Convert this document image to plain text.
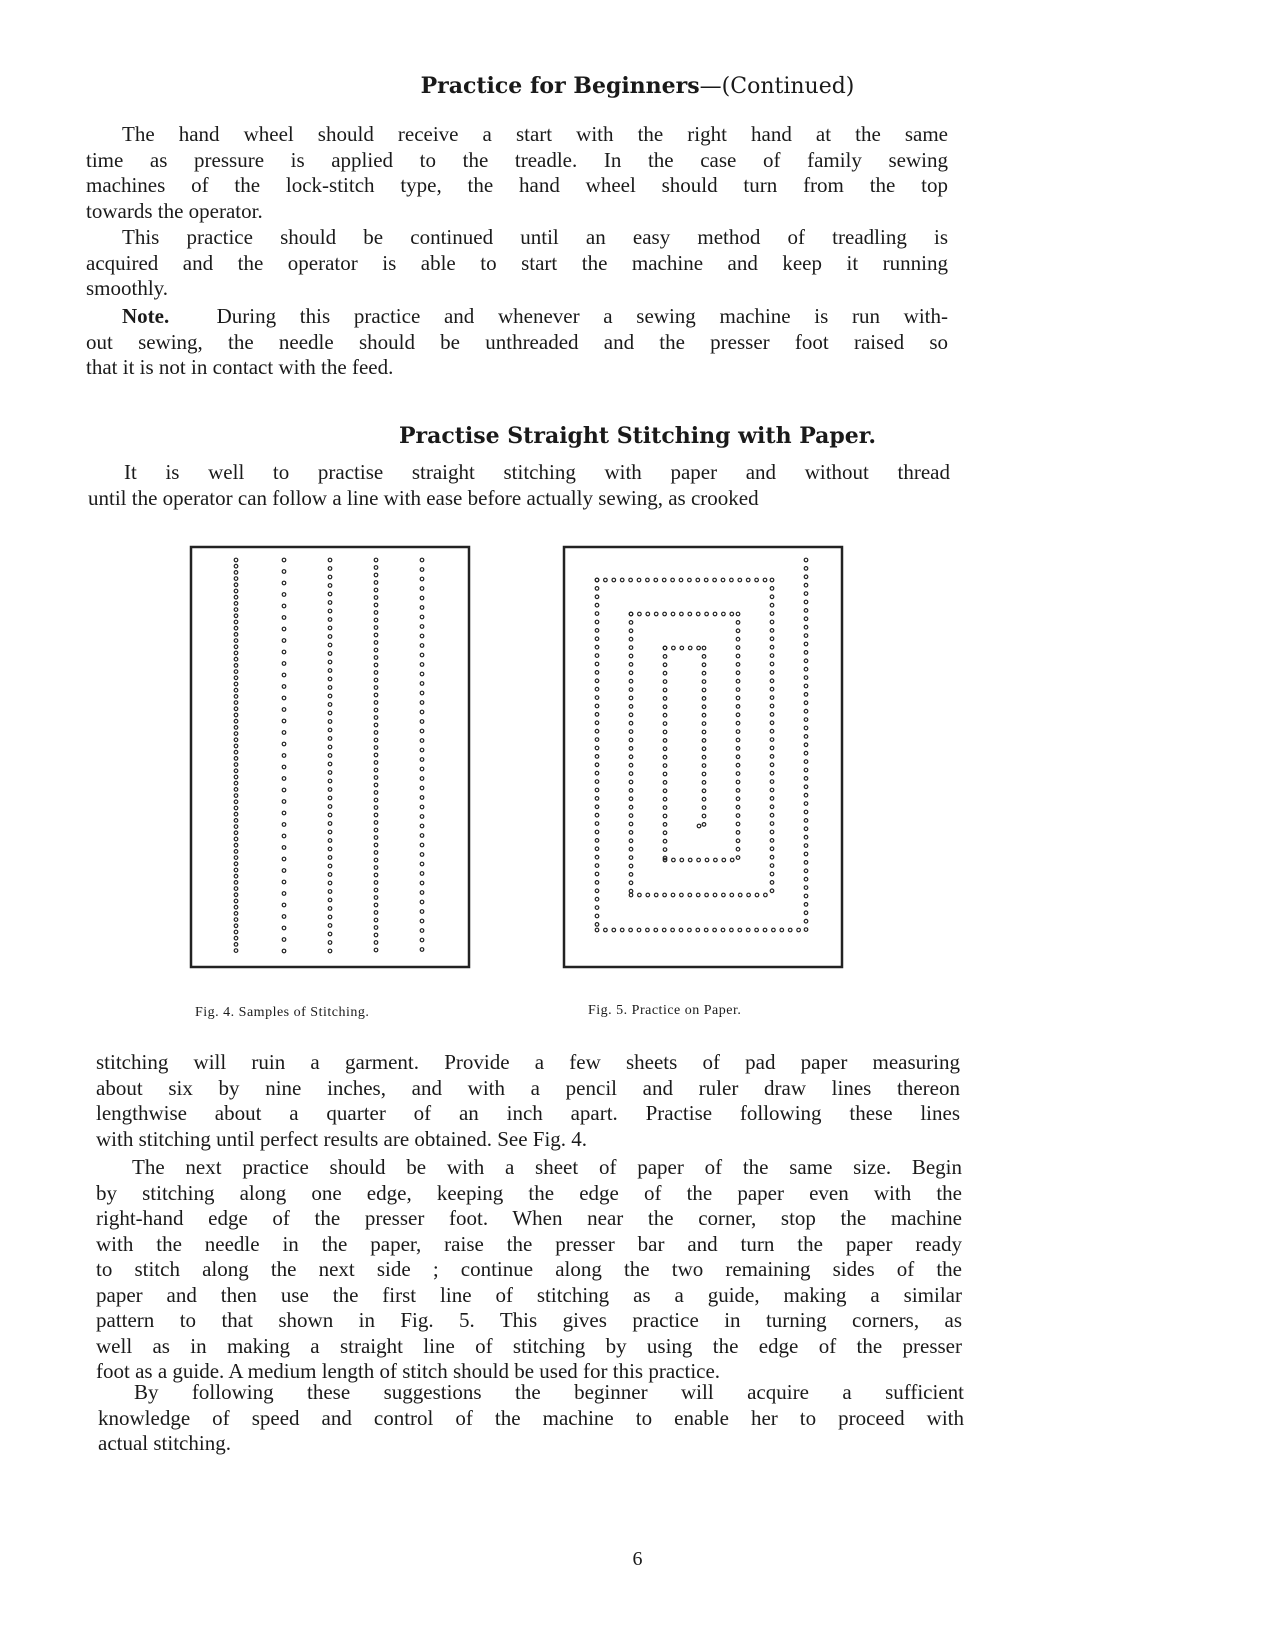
Practice for Beginners—(Continued)
The hand wheel should receive a start with the right hand at the same
time as pressure is applied to the treadle. In the case of family sewing
machines of the lock-stitch type, the hand wheel should turn from the top
towards the operator.
This practice should be continued until an easy method of treadling is
acquired and the operator is able to start the machine and keep it running
smoothly.
Note. During this practice and whenever a sewing machine is run with-
out sewing, the needle should be unthreaded and the presser foot raised so
that it is not in contact with the feed.
Practise Straight Stitching with Paper.
It is well to practise straight stitching with paper and without thread
until the operator can follow a line with ease before actually sewing, as crooked
Fig. 4. Samples of Stitching.	Fig. 5. Practice on Paper.
stitching will ruin a garment. Provide a few sheets of pad paper measuring
about six by nine inches, and with a pencil and ruler draw lines thereon
lengthwise about a quarter of an inch apart. Practise following these lines
with stitching until perfect results are obtained. See Fig. 4.
The next practice should be with a sheet of paper of the same size. Begin
by stitching along one edge, keeping the edge of the paper even with the
right-hand edge of the presser foot. When near the corner, stop the machine
with the needle in the paper, raise the presser bar and turn the paper ready
to stitch along the next side ; continue along the two remaining sides of the
paper and then use the first line of stitching as a guide, making a similar
pattern to that shown in Fig. 5. This gives practice in turning corners, as
well as in making a straight line of stitching by using the edge of the presser
foot as a guide. A medium length of stitch should be used for this practice.
By following these suggestions the beginner will acquire a sufficient
knowledge of speed and control of the machine to enable her to proceed with
actual stitching.
6
